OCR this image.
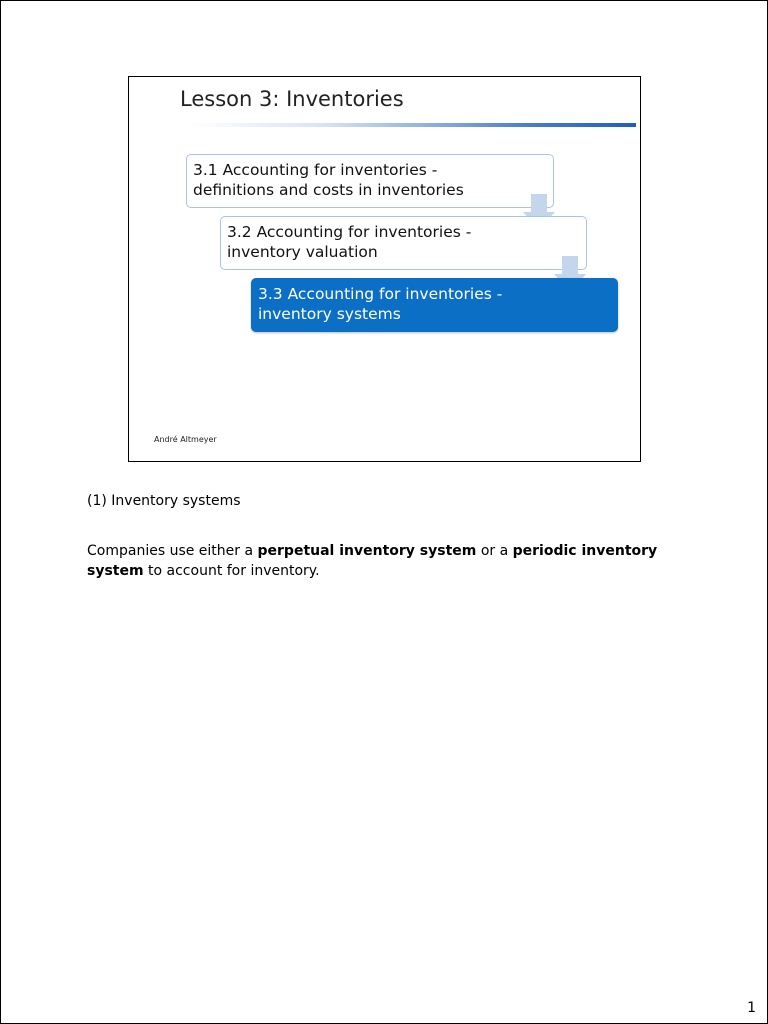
Lesson 3: Inventories
3.1 Accounting for inventories -
definitions and costs in inventories
3.2 Accounting for inventories -
inventory valuation
3.3 Accounting for inventories -
inventory systems
André Altmeyer
(1) Inventory systems
Companies use either a perpetual inventory system or a periodic inventory system to account for inventory.
1
